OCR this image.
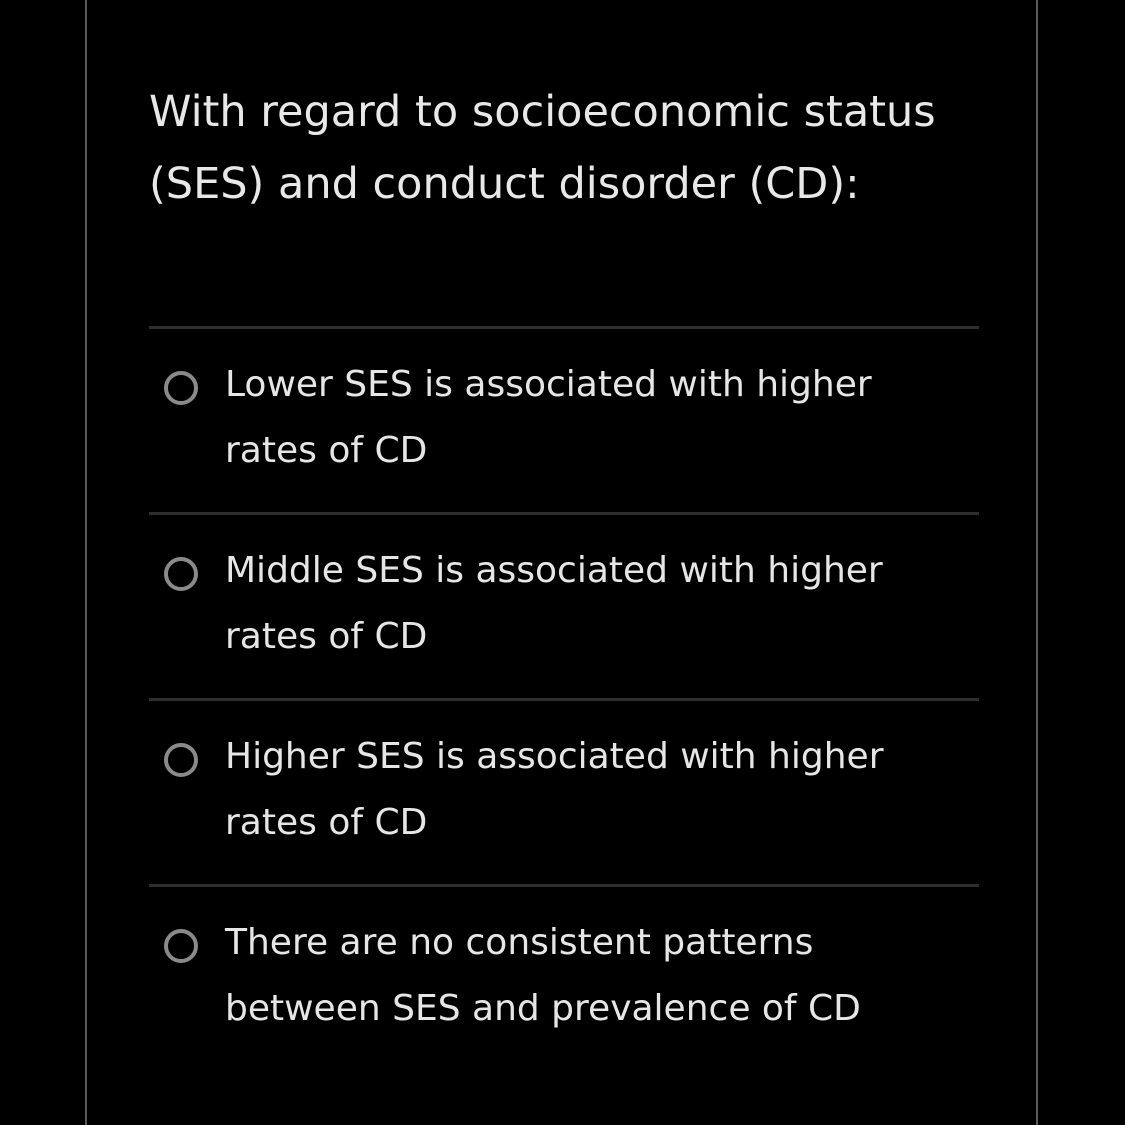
With regard to socioeconomic status (SES) and conduct disorder (CD):
Lower SES is associated with higher rates of CD
Middle SES is associated with higher rates of CD
Higher SES is associated with higher rates of CD
There are no consistent patterns between SES and prevalence of CD
